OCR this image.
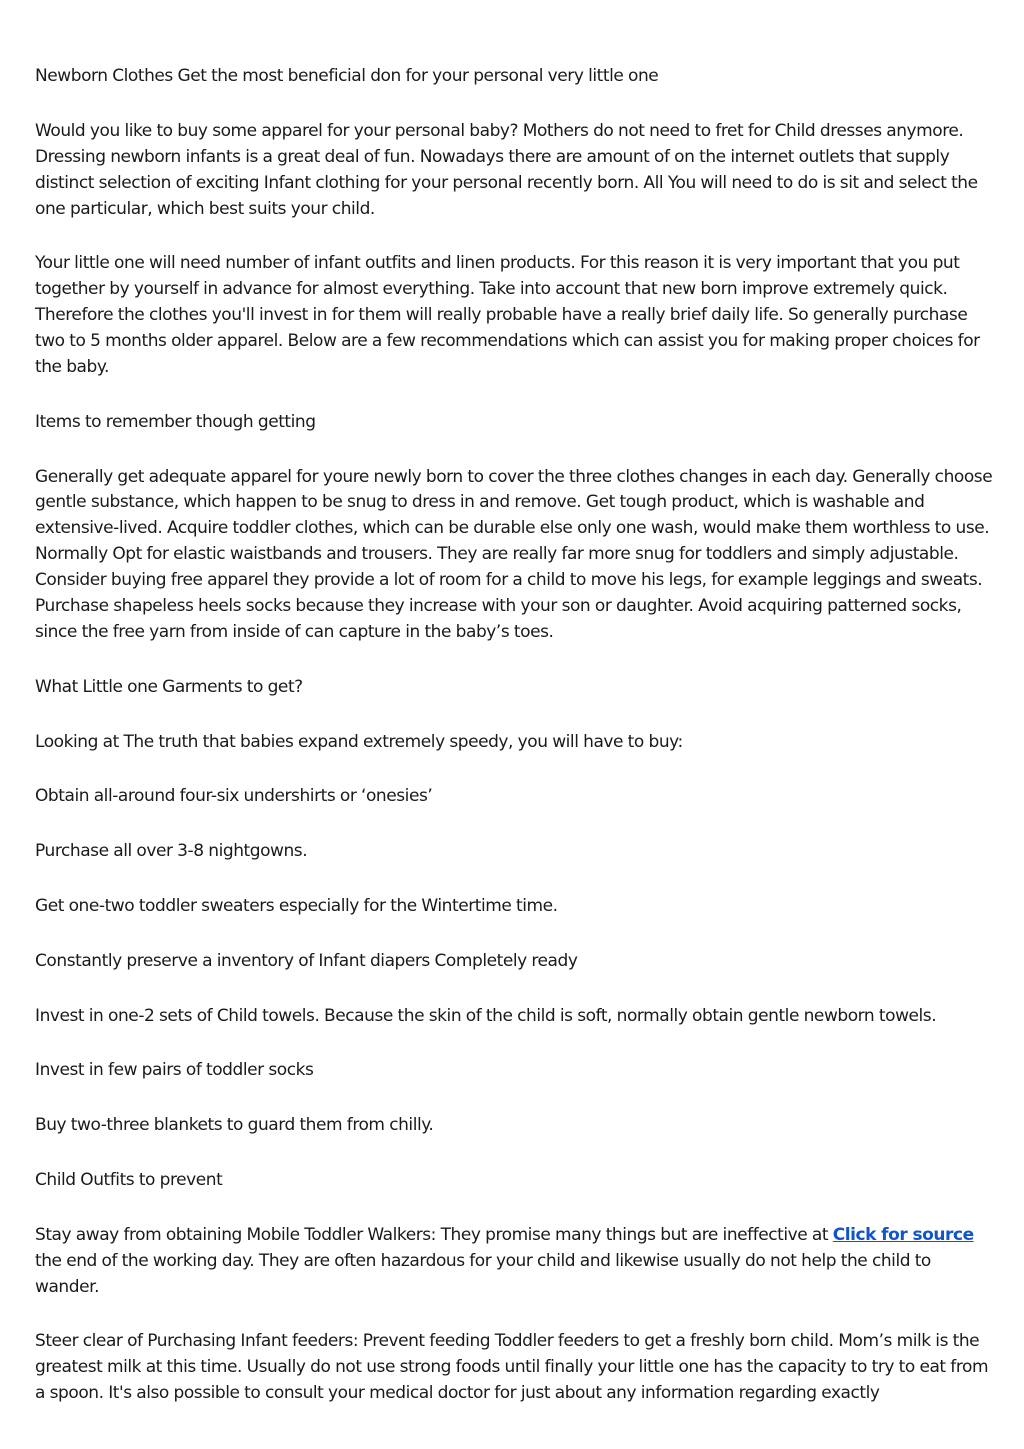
Newborn Clothes Get the most beneficial don for your personal very little one

Would you like to buy some apparel for your personal baby? Mothers do not need to fret for Child dresses anymore. Dressing newborn infants is a great deal of fun. Nowadays there are amount of on the internet outlets that supply distinct selection of exciting Infant clothing for your personal recently born. All You will need to do is sit and select the one particular, which best suits your child.

Your little one will need number of infant outfits and linen products. For this reason it is very important that you put together by yourself in advance for almost everything. Take into account that new born improve extremely quick. Therefore the clothes you'll invest in for them will really probable have a really brief daily life. So generally purchase two to 5 months older apparel. Below are a few recommendations which can assist you for making proper choices for the baby.

Items to remember though getting

Generally get adequate apparel for youre newly born to cover the three clothes changes in each day. Generally choose gentle substance, which happen to be snug to dress in and remove. Get tough product, which is washable and extensive-lived. Acquire toddler clothes, which can be durable else only one wash, would make them worthless to use. Normally Opt for elastic waistbands and trousers. They are really far more snug for toddlers and simply adjustable. Consider buying free apparel they provide a lot of room for a child to move his legs, for example leggings and sweats. Purchase shapeless heels socks because they increase with your son or daughter. Avoid acquiring patterned socks, since the free yarn from inside of can capture in the baby’s toes.

What Little one Garments to get?

Looking at The truth that babies expand extremely speedy, you will have to buy:

Obtain all-around four-six undershirts or ‘onesies’

Purchase all over 3-8 nightgowns.

Get one-two toddler sweaters especially for the Wintertime time.

Constantly preserve a inventory of Infant diapers Completely ready

Invest in one-2 sets of Child towels. Because the skin of the child is soft, normally obtain gentle newborn towels.

Invest in few pairs of toddler socks

Buy two-three blankets to guard them from chilly.

Child Outfits to prevent

Stay away from obtaining Mobile Toddler Walkers: They promise many things but are ineffective at Click for source the end of the working day. They are often hazardous for your child and likewise usually do not help the child to wander.

Steer clear of Purchasing Infant feeders: Prevent feeding Toddler feeders to get a freshly born child. Mom’s milk is the greatest milk at this time. Usually do not use strong foods until finally your little one has the capacity to try to eat from a spoon. It's also possible to consult your medical doctor for just about any information regarding exactly
